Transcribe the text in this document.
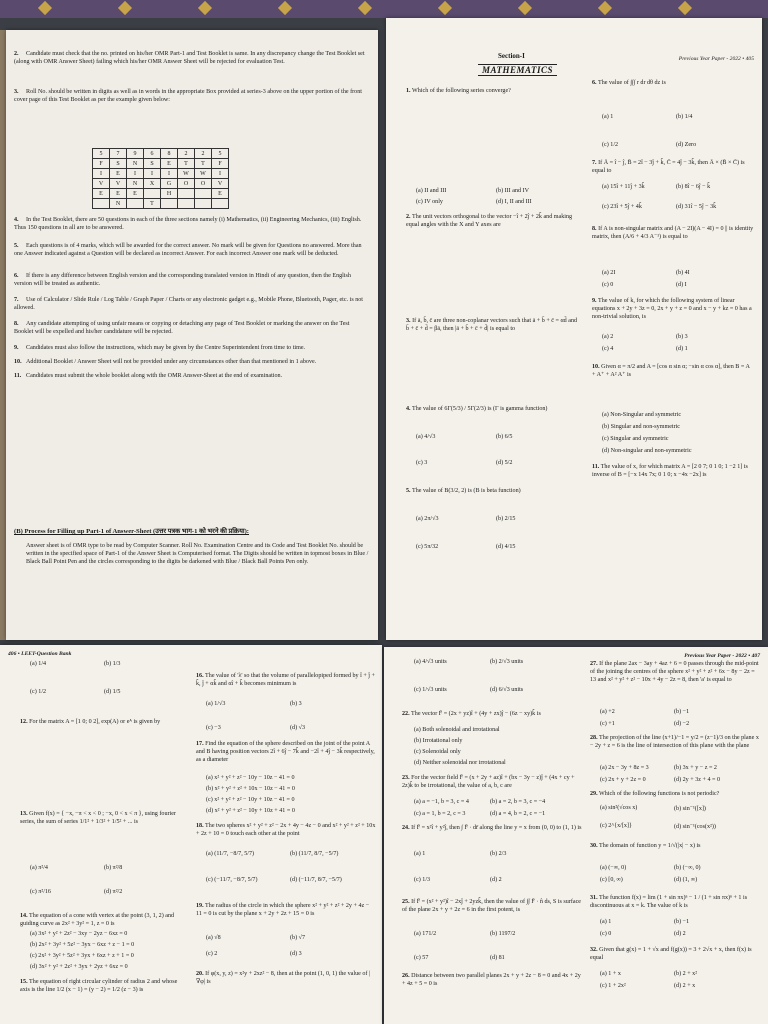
2. Candidate must check that the no. printed on his/her OMR Part-1 and Test Booklet is same. In any discrepancy change the Test Booklet set (along with OMR Answer Sheet) failing which his/her OMR Answer Sheet will be rejected for evaluation Test.
3. Roll No. should be written in digits as well as in words in the appropriate Box provided at series-3 above on the upper portion of the front cover page of this Test Booklet as per the example given below:
5	7	9	6	8	2	2	5
F	S	N	S	E	T	T	F
I	E	I	I	I	W	W	I
V	V	N	X	G	O	O	V
E	E	E		H			E
	N		T				
4. In the Test Booklet, there are 50 questions in each of the three sections namely (i) Mathematics, (ii) Engineering Mechanics, (iii) English. Thus 150 questions in all are to be answered.
5. Each questions is of 4 marks, which will be awarded for the correct answer. No mark will be given for Questions no answered. More than one Answer indicated against a Question will be declared as incorrect Answer. For each incorrect Answer one mark will be deducted.
6. If there is any difference between English version and the corresponding translated version in Hindi of any question, then the English version will be treated as authentic.
7. Use of Calculator / Slide Rule / Log Table / Graph Paper / Charts or any electronic gadget e.g., Mobile Phone, Bluetooth, Pager, etc. is not allowed.
8. Any candidate attempting of using unfair means or copying or detaching any page of Test Booklet or marking the answer on the Test Booklet will be expelled and his/her candidature will be rejected.
9. Candidates must also follow the instructions, which may be given by the Centre Superintendent from time to time.
10. Additional Booklet / Answer Sheet will not be provided under any circumstances other than that mentioned in 1 above.
11. Candidates must submit the whole booklet along with the OMR Answer-Sheet at the end of examination.
(B) Process for Filling up Part-1 of Answer-Sheet (उत्तर पत्रक भाग-1 को भरने की प्रक्रिया):
Answer sheet is of OMR type to be read by Computer Scanner. Roll No. Examination Centre and its Code and Test Booklet No. should be written in the specified space of Part-1 of the Answer Sheet is Computerised format. The Digits should be written in topmost boxes in Blue / Black Ball Point Pen and the circles corresponding to the digits be darkened with Blue / Black Ball Points Pen only.
Previous Year Paper - 2022 • 405
Section-I
MATHEMATICS
1. Which of the following series converge?
(a) II and III	(b) III and IV
(c) IV only	(d) I, II and III
2. The unit vectors orthogonal to the vector −î + 2ĵ + 2k̂ and making equal angles with the X and Y axes are
3. If ā, b̄, c̄ are three non-coplanar vectors such that ā + b̄ + c̄ = αd̄ and b̄ + c̄ + d̄ = βā, then |ā + b̄ + c̄ + d̄| is equal to
4. The value of 6Γ(5/3) / 5Γ(2/3) is (Γ is gamma function)
(a) 4/√3	(b) 6/5
(c) 3	(d) 5/2
5. The value of B(3/2, 2) is (B is beta function)
(a) 2π/√3	(b) 2/15
(c) 5π/32	(d) 4/15
6. The value of ∫∫∫ r dr dθ dz is
(a) 1	(b) 1/4
(c) 1/2	(d) Zero
7. If Ā = î − ĵ, B̄ = 2î − 3ĵ + k̂, C̄ = 4ĵ − 3k̂, then Ā × (B̄ × C̄) is equal to
(a) 15î + 11ĵ + 3k̂	(b) 8î − 6ĵ − k̂
(c) 23î + 5ĵ + 4k̂	(d) 31î − 5ĵ − 3k̂
8. If A is non-singular matrix and (A − 2I)(A − 4I) = 0 || is identity matrix, then (A/6 + 4/3 A⁻¹) is equal to
(a) 2I	(b) 4I
(c) 0	(d) I
9. The value of k, for which the following system of linear equations x + 2y + 3z = 0, 2x + y + z = 0 and x − y + kz = 0 has a non-trivial solution, is
(a) 2	(b) 3
(c) 4	(d) 1
10. Given α = π/2 and A = [cos α sin α; −sin α cos α], then B = A + A⁺ + A² A⁺ is
(a) Non-Singular and symmetric
(b) Singular and non-symmetric
(c) Singular and symmetric
(d) Non-singular and non-symmetric
11. The value of x, for which matrix A = [2 0 7; 0 1 0; 1 −2 1] is inverse of B = [−x 14x 7x; 0 1 0; x −4x −2x] is
406 • LEET-Question Bank
(a) 1/4	(b) 1/3
(c) 1/2	(d) 1/5
12. For the matrix A = [1 0; 0 2], exp(A) or eᴬ is given by
13. Given f(x) = { −x, −π < x < 0 ; −x, 0 < x < π }, using fourier series, the sum of series 1/1² + 1/3² + 1/5² + ... is
(a) π²/4	(b) π²/8
(c) π²/16	(d) π²/2
14. The equation of a cone with vertex at the point (3, 1, 2) and guiding curve as 2x² + 3y² = 1, z = 0 is
(a) 3x² + y² + 2z² − 3xy − 2yz − 6xz = 0
(b) 2x² + 3y² + 5z² − 3yx − 6xz + z − 1 = 0
(c) 2x² + 3y² + 5z² + 3yx + 6xz + z + 1 = 0
(d) 3x² + y² + 2z² + 3yx + 2yz + 6xz = 0
15. The equation of right circular cylinder of radius 2 and whose axis is the line 1/2 (x − 1) = (y − 2) = 1/2 (z − 3) is
16. The value of 'λ' so that the volume of parallelopiped formed by î + ĵ + k̂, ĵ + αk̂ and αî + k̂ becomes minimum is
(a) 1/√3	(b) 3
(c) −3	(d) √3
17. Find the equation of the sphere described on the joint of the point A and B having position vectors 2î + 6ĵ − 7k̂ and −2î + 4ĵ − 3k̂ respectively, as a diameter
(a) x² + y² + z² − 10y − 10z − 41 = 0
(b) x² + y² + z² + 10x − 10z − 41 = 0
(c) x² + y² + z² − 10y + 10z − 41 = 0
(d) x² + y² + z² − 10y + 10z + 41 = 0
18. The two spheres x² + y² + z² − 2x + 4y − 4z − 0 and x² + y² + z² + 10x + 2z + 10 = 0 touch each other at the point
(a) (11/7, −8/7, 5/7)	(b) (11/7, 8/7, −5/7)
(c) (−11/7, −8/7, 5/7)	(d) (−11/7, 8/7, −5/7)
19. The radius of the circle in which the sphere x² + y² + z² + 2y + 4z − 11 = 0 is cut by the plane x + 2y + 2z + 15 = 0 is
(a) √8	(b) √7
(c) 2	(d) 3
20. If φ(x, y, z) = x²y + 2xz² − 8, then at the point (1, 0, 1) the value of |∇φ| is
Previous Year Paper - 2022 • 407
(a) 4/√3 units	(b) 2/√3 units
(c) 1/√3 units	(d) 6/√3 units
22. The vector F̄ = (2x + yz)î + (4y + zx)ĵ − (6z − xy)k̂ is
(a) Both solenoidal and irrotational
(b) Irrotational only
(c) Solenoidal only
(d) Neither solenoidal nor irrotational
23. For the vector field F̄ = (x + 2y + az)î + (bx − 3y − z)ĵ + (4x + cy + 2z)k̂ to be irrotational, the value of a, b, c are
(a) a = −1, b = 3, c = 4	(b) a = 2, b = 3, c = −4
(c) a = 1, b = 2, c = 3	(d) a = 4, b = 2, c = −1
24. If F̄ = x²î + y²ĵ, then ∫ F̄ · dr̄ along the line y = x from (0, 0) to (1, 1) is
(a) 1	(b) 2/3
(c) 1/3	(d) 2
25. If F̄ = (x² + y²)î − 2xĵ + 2yzk̂, then the value of ∫∫ F̄ · n̂ ds, S is surface of the plane 2x + y + 2z = 6 in the first potent, is
(a) 171/2	(b) 1197/2
(c) 57	(d) 81
26. Distance between two parallel planes 2x + y + 2z − 8 = 0 and 4x + 2y + 4z + 5 = 0 is
27. If the plane 2ax − 3ay + 4az + 6 = 0 passes through the mid-point of the joining the centres of the sphere x² + y² + z² + 6x − 8y − 2z = 13 and x² + y² + z² − 10x + 4y − 2z = 8, then 'a' is equal to
(a) +2	(b) −1
(c) +1	(d) −2
28. The projection of the line (x+1)/−1 = y/2 = (z−1)/3 on the plane x − 2y + z = 6 is the line of intersection of this plane with the plane
(a) 2x − 3y + 8z = 3	(b) 3x + y − z = 2
(c) 2x + y + 2z = 0	(d) 2y + 3z + 4 = 0
29. Which of the following functions is not periodic?
(a) sin²(√cos x)	(b) sin⁻¹([x])
(c) 2^{x/[x]}	(d) sin⁻¹(cos(x²))
30. The domain of function y = 1/√(|x| − x) is
(a) (−∞, 0)	(b) (−∞, 0)
(c) [0, ∞)	(d) (1, ∞)
31. The function f(x) = lim (1 + sin πx)ⁿ − 1 / (1 + sin πx)ⁿ + 1 is discontinuous at x = k. The value of k is
(a) 1	(b) −1
(c) 0	(d) 2
32. Given that g(x) = 1 + √x and f(g(x)) = 3 + 2√x + x, then f(x) is equal
(a) 1 + x	(b) 2 + x²
(c) 1 + 2x²	(d) 2 + x
